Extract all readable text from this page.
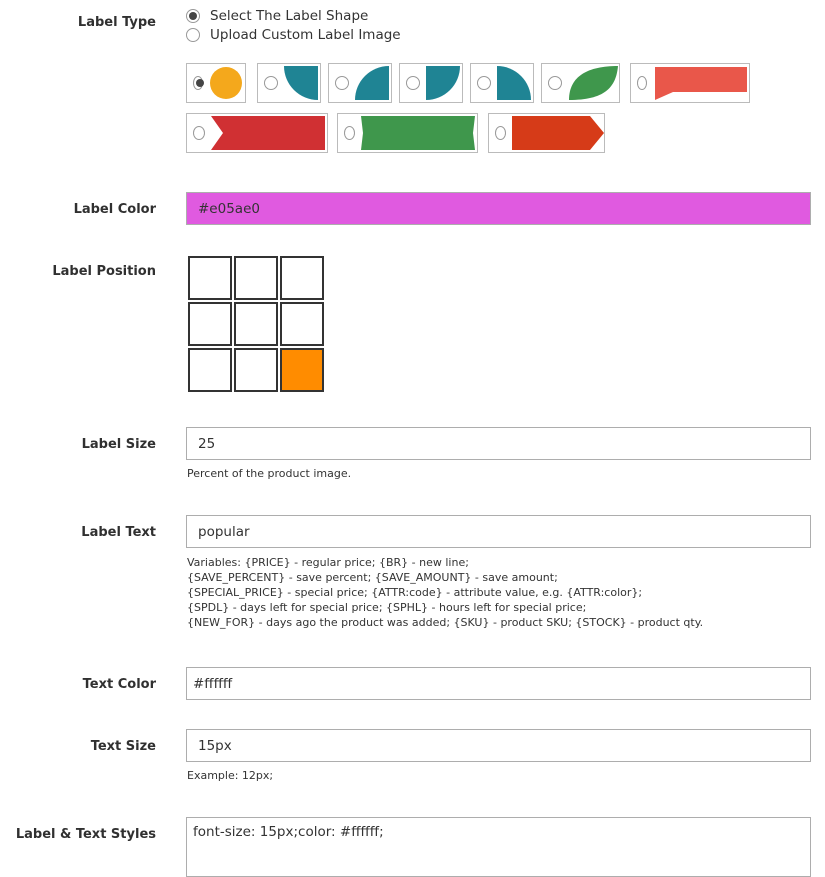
Label Type	Select The Label Shape
Upload Custom Label Image
Label Color	#e05ae0
Label Position
Label Size	25
Percent of the product image.
Label Text	popular
Variables: {PRICE} - regular price; {BR} - new line;
{SAVE_PERCENT} - save percent; {SAVE_AMOUNT} - save amount;
{SPECIAL_PRICE} - special price; {ATTR:code} - attribute value, e.g. {ATTR:color};
{SPDL} - days left for special price; {SPHL} - hours left for special price;
{NEW_FOR} - days ago the product was added; {SKU} - product SKU; {STOCK} - product qty.
Text Color	#ffffff
Text Size	15px
Example: 12px;
Label & Text Styles	font-size: 15px;color: #ffffff;
